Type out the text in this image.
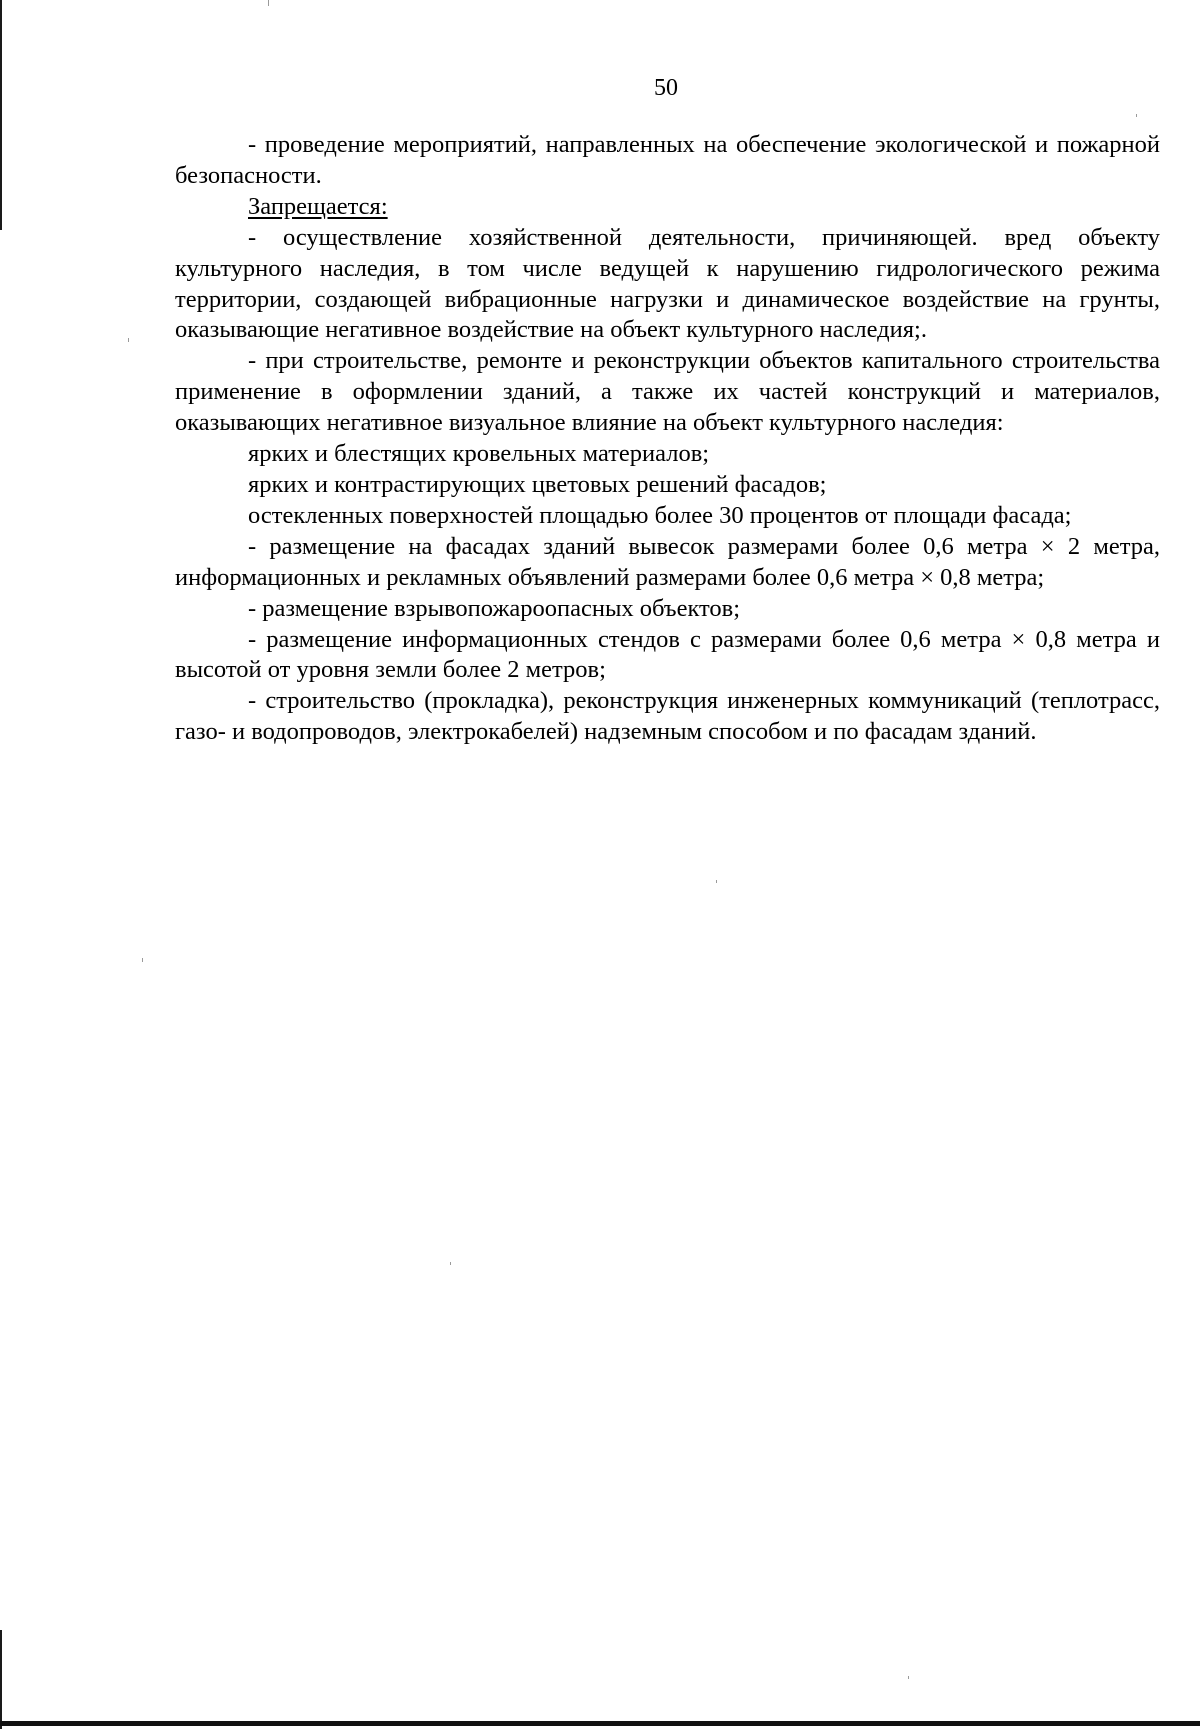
50

- проведение мероприятий, направленных на обеспечение экологической и пожарной безопасности.

Запрещается:

- осуществление хозяйственной деятельности, причиняющей. вред объекту культурного наследия, в том числе ведущей к нарушению гидрологического режима территории, создающей вибрационные нагрузки и динамическое воздействие на грунты, оказывающие негативное воздействие на объект культурного наследия;.

- при строительстве, ремонте и реконструкции объектов капитального строительства применение в оформлении зданий, а также их частей конструкций и материалов, оказывающих негативное визуальное влияние на объект культурного наследия:

ярких и блестящих кровельных материалов;

ярких и контрастирующих цветовых решений фасадов;

остекленных поверхностей площадью более 30 процентов от площади фасада;

- размещение на фасадах зданий вывесок размерами более 0,6 метра × 2 метра, информационных и рекламных объявлений размерами более 0,6 метра × 0,8 метра;

- размещение взрывопожароопасных объектов;

- размещение информационных стендов с размерами более 0,6 метра × 0,8 метра и высотой от уровня земли более 2 метров;

- строительство (прокладка), реконструкция инженерных коммуникаций (теплотрасс, газо- и водопроводов, электрокабелей) надземным способом и по фасадам зданий.
